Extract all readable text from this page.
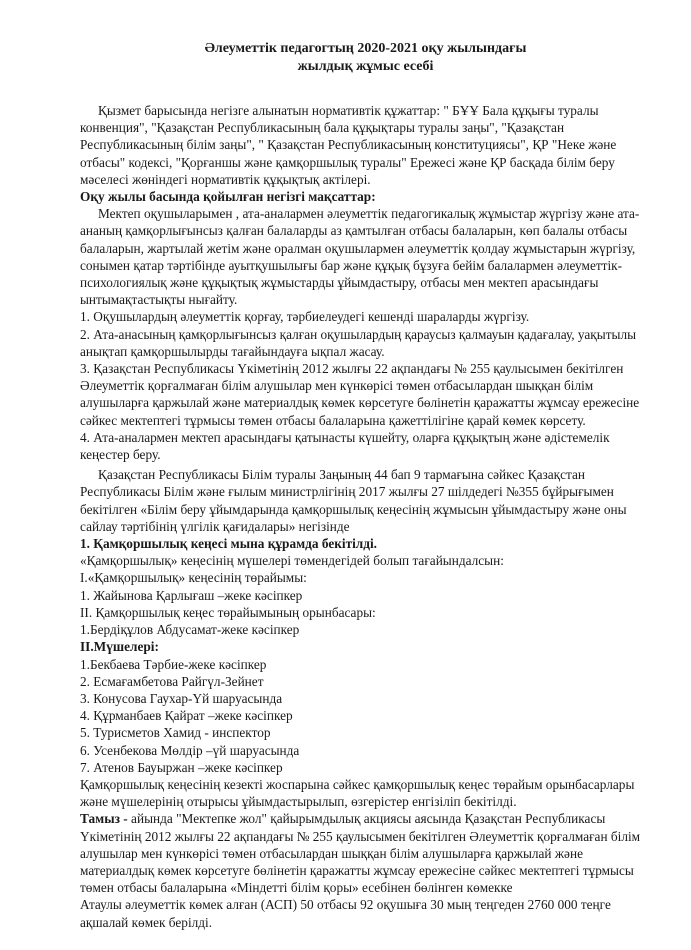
Әлеуметтік педагогтың 2020-2021 оқу жылындағы
жылдық жұмыс есебі

Қызмет барысында негізге алынатын нормативтік құжаттар: " БҰҰ Бала құқығы туралы конвенция", "Қазақстан Республикасының бала құқықтары туралы заңы", "Қазақстан Республикасының білім заңы", " Қазақстан Республикасының конституциясы", ҚР "Неке және отбасы" кодексі, "Қорғаншы және қамқоршылық туралы" Ережесі және ҚР басқада білім беру мәселесі жөніндегі нормативтік құқықтық актілері.

Оқу жылы басында қойылған негізгі мақсаттар:

Мектеп оқушыларымен , ата-аналармен әлеуметтік педагогикалық жұмыстар жүргізу және ата-ананың қамқорлығынсыз қалған балаларды аз қамтылған отбасы балаларын, көп балалы отбасы балаларын, жартылай жетім және оралман оқушылармен әлеуметтік қолдау жұмыстарын жүргізу, сонымен қатар тәртібінде ауытқушылығы бар және құқық бұзуға бейім балалармен әлеуметтік-психологиялық және құқықтық жұмыстарды ұйымдастыру, отбасы мен мектеп арасындағы ынтымақтастықты нығайту.

1. Оқушылардың әлеуметтік қорғау, тәрбиелеудегі кешенді шараларды жүргізу.

2. Ата-анасының қамқорлығынсыз қалған оқушылардың қараусыз қалмауын қадағалау, уақытылы анықтап қамқоршылырды тағайындауға ықпал жасау.

3. Қазақстан Республикасы Үкіметінің 2012 жылғы 22 ақпандағы № 255 қаулысымен бекітілген Әлеуметтік қорғалмаған білім алушылар мен күнкөрісі төмен отбасылардан шыққан білім алушыларға қаржылай және материалдық көмек көрсетуге бөлінетін қаражатты жұмсау ережесіне сәйкес мектептегі тұрмысы төмен отбасы балаларына қажеттілігіне қарай көмек көрсету.

4. Ата-аналармен мектеп арасындағы қатынасты күшейту, оларға құқықтың және әдістемелік кеңестер беру.

Қазақстан Республикасы Білім туралы Заңының 44 бап 9 тармағына сәйкес Қазақстан Республикасы Білім және ғылым министрлігінің 2017 жылғы 27 шілдедегі №355 бұйрығымен бекітілген «Білім беру ұйымдарында қамқоршылық кеңесінің жұмысын ұйымдастыру және оны сайлау тәртібінің үлгілік қағидалары» негізінде

1. Қамқоршылық кеңесі мына құрамда бекітілді.

«Қамқоршылық» кеңесінің мүшелері төмендегідей болып тағайындалсын:

І.«Қамқоршылық» кеңесінің төрайымы:

1. Жайынова Қарлығаш –жеке кәсіпкер

II. Қамқоршылық кеңес төрайымының орынбасары:

1.Бердіқұлов Абдусамат-жеке кәсіпкер

ІІ.Мүшелері:

1.Бекбаева Тәрбие-жеке кәсіпкер

2. Есмағамбетова Райгүл-Зейнет

3. Конусова Гаухар-Үй шаруасында

4. Құрманбаев Қайрат –жеке кәсіпкер

5. Турисметов Хамид - инспектор

6. Усенбекова Мөлдір –үй шаруасында

7. Атенов Бауыржан –жеке кәсіпкер

Қамқоршылық кеңесінің кезекті жоспарына сәйкес қамқоршылық кеңес төрайым орынбасарлары және мүшелерінің отырысы ұйымдастырылып, өзгерістер енгізіліп бекітілді.

Тамыз - айында "Мектепке жол" қайырымдылық акциясы аясында Қазақстан Республикасы Үкіметінің 2012 жылғы 22 ақпандағы № 255 қаулысымен бекітілген Әлеуметтік қорғалмаған білім алушылар мен күнкөрісі төмен отбасылардан шыққан білім алушыларға қаржылай және материалдық көмек көрсетуге бөлінетін қаражатты жұмсау ережесіне сәйкес мектептегі тұрмысы төмен отбасы балаларына «Міндетті білім қоры» есебінен бөлінген көмекке

Атаулы әлеуметтік көмек алған (АСП) 50 отбасы 92 оқушыға 30 мың теңгеден 2760 000 теңге ақшалай көмек берілді.
